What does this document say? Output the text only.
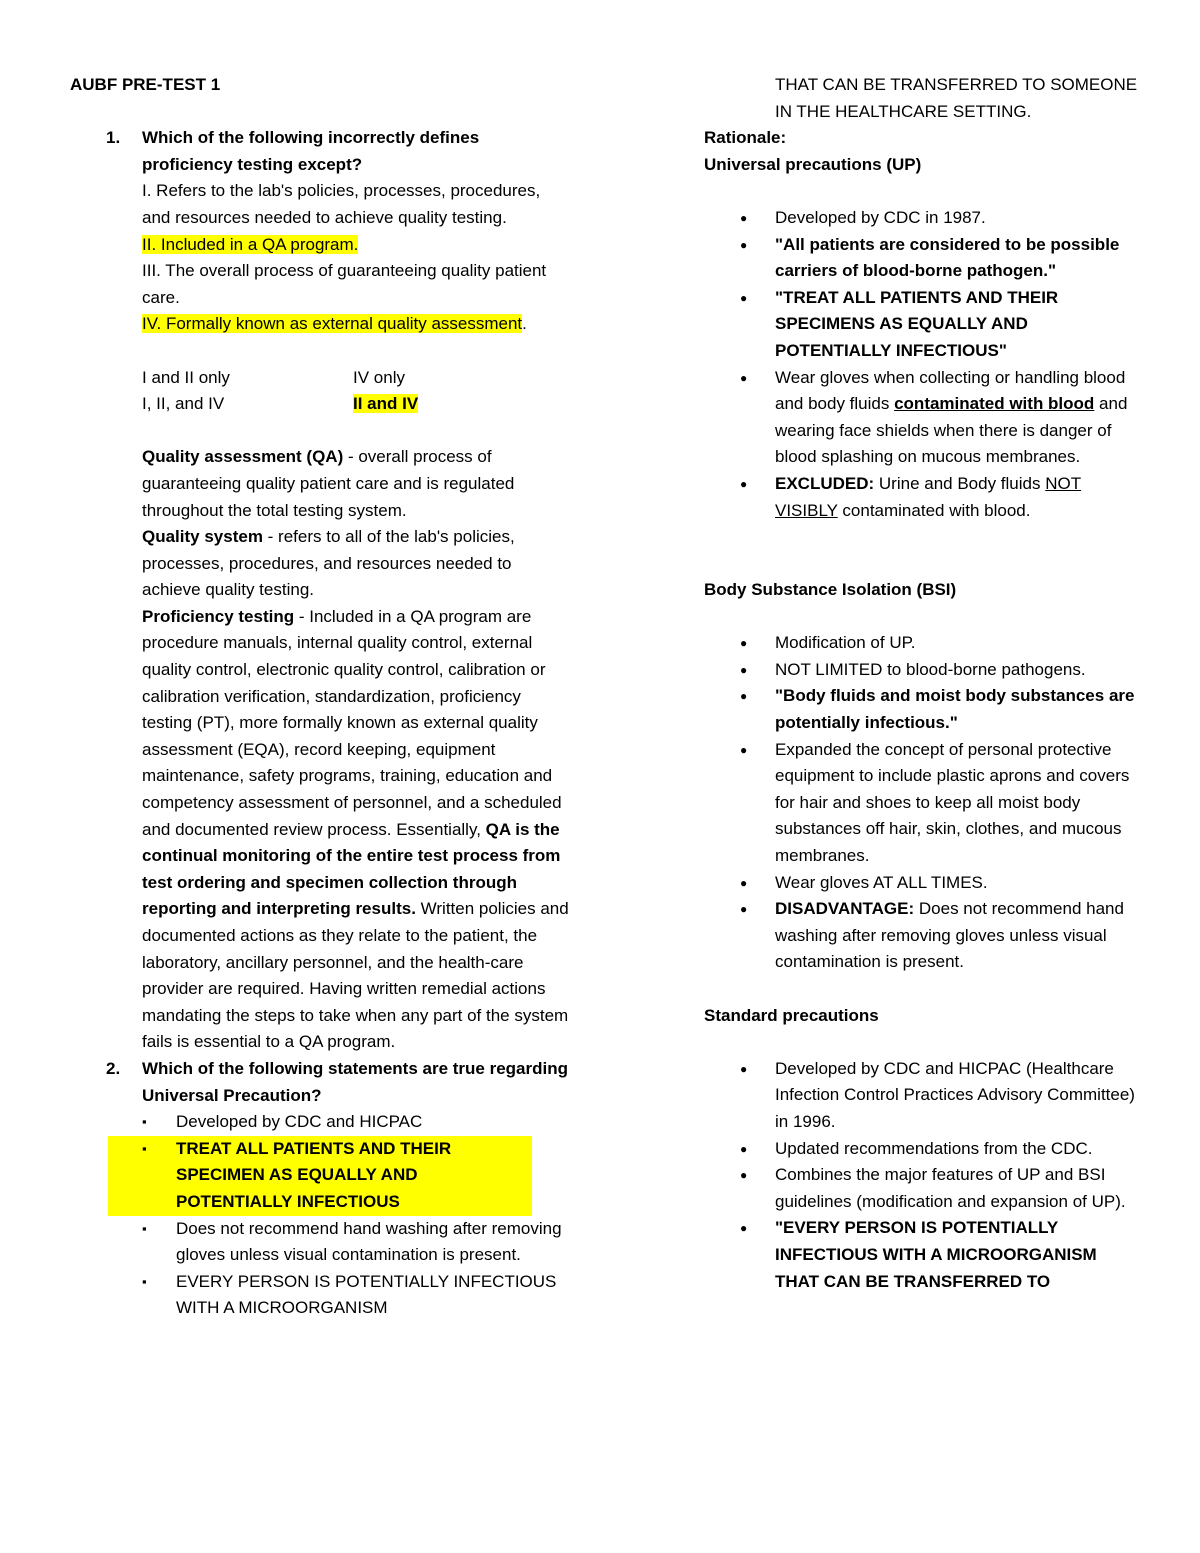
AUBF PRE-TEST 1
1. Which of the following incorrectly defines proficiency testing except?
I. Refers to the lab's policies, processes, procedures, and resources needed to achieve quality testing.
II. Included in a QA program.
III. The overall process of guaranteeing quality patient care.
IV. Formally known as external quality assessment.
I and II only	IV only
I, II, and IV	II and IV
Quality assessment (QA) - overall process of guaranteeing quality patient care and is regulated throughout the total testing system.
Quality system - refers to all of the lab's policies, processes, procedures, and resources needed to achieve quality testing.
Proficiency testing - Included in a QA program are procedure manuals, internal quality control, external quality control, electronic quality control, calibration or calibration verification, standardization, proficiency testing (PT), more formally known as external quality assessment (EQA), record keeping, equipment maintenance, safety programs, training, education and competency assessment of personnel, and a scheduled and documented review process. Essentially, QA is the continual monitoring of the entire test process from test ordering and specimen collection through reporting and interpreting results. Written policies and documented actions as they relate to the patient, the laboratory, ancillary personnel, and the health-care provider are required. Having written remedial actions mandating the steps to take when any part of the system fails is essential to a QA program.
2. Which of the following statements are true regarding Universal Precaution?
▪ Developed by CDC and HICPAC
▪ TREAT ALL PATIENTS AND THEIR SPECIMEN AS EQUALLY AND POTENTIALLY INFECTIOUS
▪ Does not recommend hand washing after removing gloves unless visual contamination is present.
▪ EVERY PERSON IS POTENTIALLY INFECTIOUS WITH A MICROORGANISM
THAT CAN BE TRANSFERRED TO SOMEONE IN THE HEALTHCARE SETTING.
Rationale:
Universal precautions (UP)
● Developed by CDC in 1987.
● "All patients are considered to be possible carriers of blood-borne pathogen."
● "TREAT ALL PATIENTS AND THEIR SPECIMENS AS EQUALLY AND POTENTIALLY INFECTIOUS"
● Wear gloves when collecting or handling blood and body fluids contaminated with blood and wearing face shields when there is danger of blood splashing on mucous membranes.
● EXCLUDED: Urine and Body fluids NOT VISIBLY contaminated with blood.
Body Substance Isolation (BSI)
● Modification of UP.
● NOT LIMITED to blood-borne pathogens.
● "Body fluids and moist body substances are potentially infectious."
● Expanded the concept of personal protective equipment to include plastic aprons and covers for hair and shoes to keep all moist body substances off hair, skin, clothes, and mucous membranes.
● Wear gloves AT ALL TIMES.
● DISADVANTAGE: Does not recommend hand washing after removing gloves unless visual contamination is present.
Standard precautions
● Developed by CDC and HICPAC (Healthcare Infection Control Practices Advisory Committee) in 1996.
● Updated recommendations from the CDC.
● Combines the major features of UP and BSI guidelines (modification and expansion of UP).
● "EVERY PERSON IS POTENTIALLY INFECTIOUS WITH A MICROORGANISM THAT CAN BE TRANSFERRED TO
